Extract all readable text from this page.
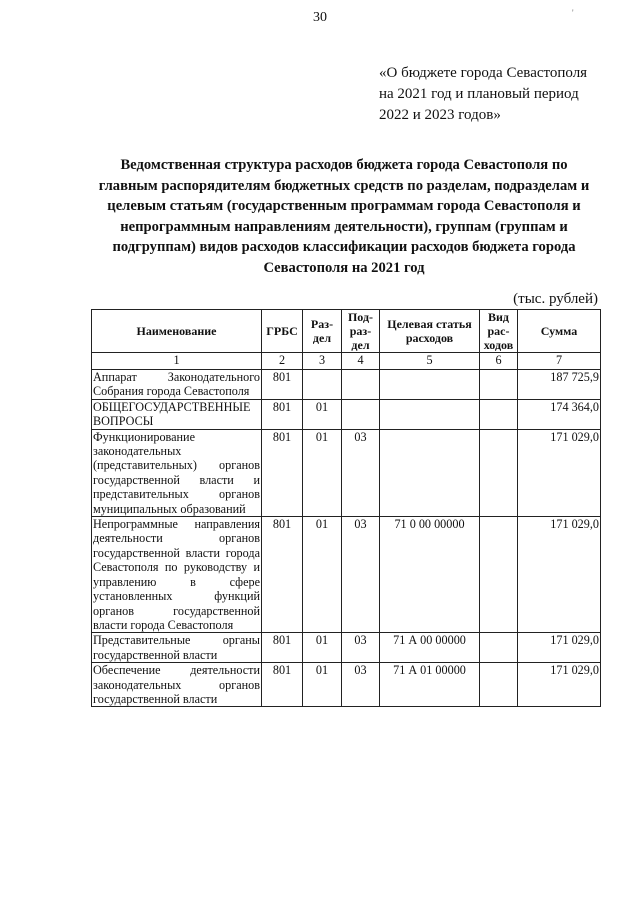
30	'
«О бюджете города Севастополя
на 2021 год и плановый период
2022 и 2023 годов»
Ведомственная структура расходов бюджета города Севастополя по
главным распорядителям бюджетных средств по разделам, подразделам и
целевым статьям (государственным программам города Севастополя и
непрограммным направлениям деятельности), группам (группам и
подгруппам) видов расходов классификации расходов бюджета города
Севастополя на 2021 год
(тыс. рублей)
Наименование	ГРБС	Раз-дел	Под-раз-дел	Целевая статья расходов	Вид рас-ходов	Сумма
1	2	3	4	5	6	7
Аппарат Законодательного Собрания города Севастополя	801					187 725,9
ОБЩЕГОСУДАРСТВЕННЫЕ ВОПРОСЫ	801	01				174 364,0
Функционирование законодательных (представительных) органов государственной власти и представительных органов муниципальных образований	801	01	03			171 029,0
Непрограммные направления деятельности органов государственной власти города Севастополя по руководству и управлению в сфере установленных функций органов государственной власти города Севастополя	801	01	03	71 0 00 00000		171 029,0
Представительные органы государственной власти	801	01	03	71 А 00 00000		171 029,0
Обеспечение деятельности законодательных органов государственной власти	801	01	03	71 А 01 00000		171 029,0
